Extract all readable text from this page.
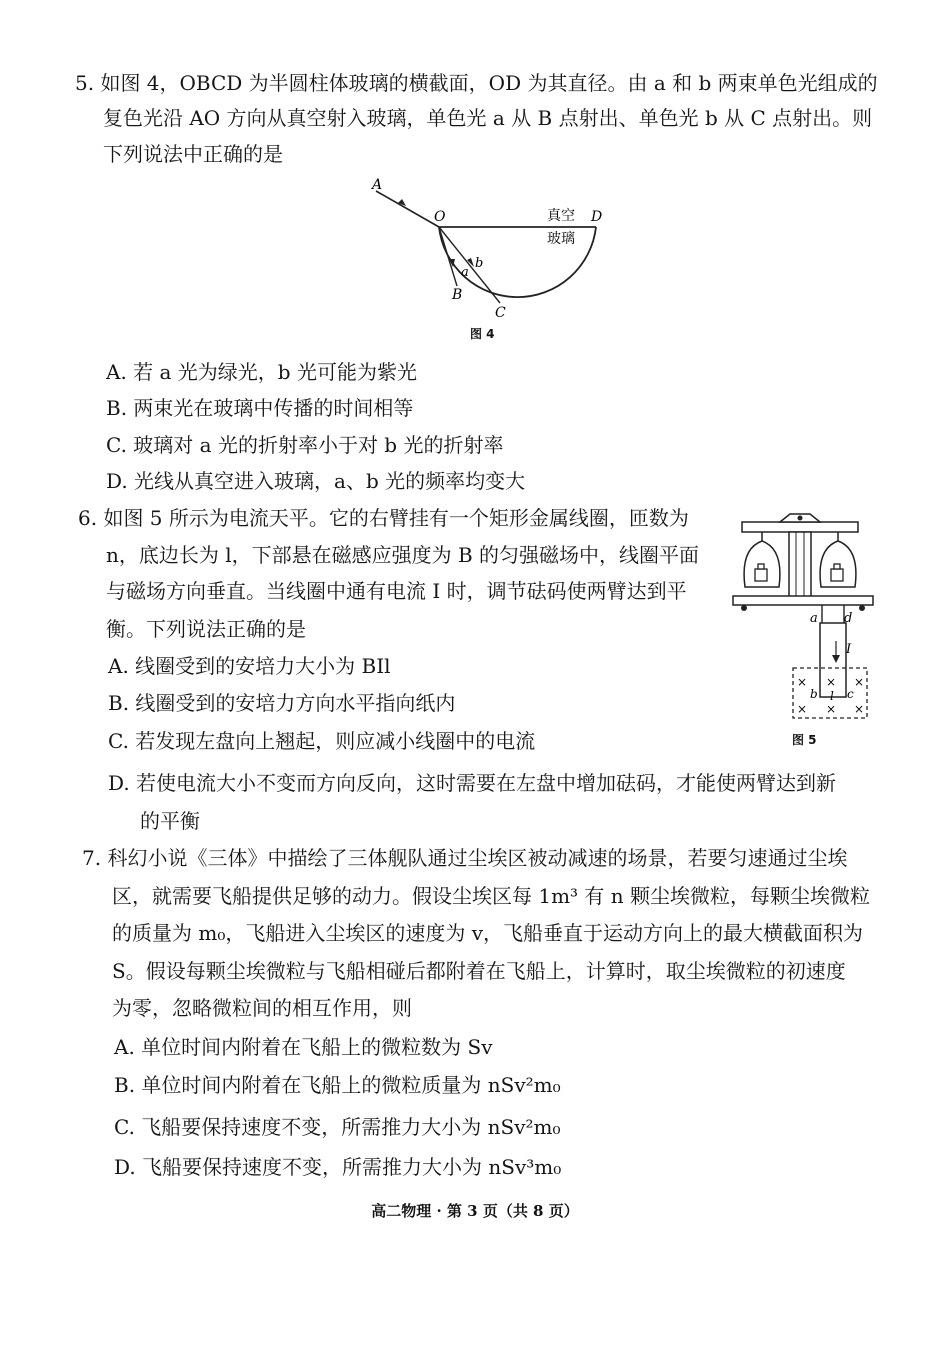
5. 如图 4，OBCD 为半圆柱体玻璃的横截面，OD 为其直径。由 a 和 b 两束单色光组成的
复色光沿 AO 方向从真空射入玻璃，单色光 a 从 B 点射出、单色光 b 从 C 点射出。则
下列说法中正确的是
A
O	真空 D
玻璃
b
a
B
C
图 4
A. 若 a 光为绿光，b 光可能为紫光
B. 两束光在玻璃中传播的时间相等
C. 玻璃对 a 光的折射率小于对 b 光的折射率
D. 光线从真空进入玻璃，a、b 光的频率均变大
6. 如图 5 所示为电流天平。它的右臂挂有一个矩形金属线圈，匝数为
n，底边长为 l，下部悬在磁感应强度为 B 的匀强磁场中，线圈平面
与磁场方向垂直。当线圈中通有电流 I 时，调节砝码使两臂达到平
衡。下列说法正确的是	a d
I
× × ×
b l c
× × ×
图 5
A. 线圈受到的安培力大小为 BIl
B. 线圈受到的安培力方向水平指向纸内
C. 若发现左盘向上翘起，则应减小线圈中的电流
D. 若使电流大小不变而方向反向，这时需要在左盘中增加砝码，才能使两臂达到新
的平衡
7. 科幻小说《三体》中描绘了三体舰队通过尘埃区被动减速的场景，若要匀速通过尘埃
区，就需要飞船提供足够的动力。假设尘埃区每 1m³ 有 n 颗尘埃微粒，每颗尘埃微粒
的质量为 m₀，飞船进入尘埃区的速度为 v，飞船垂直于运动方向上的最大横截面积为
S。假设每颗尘埃微粒与飞船相碰后都附着在飞船上，计算时，取尘埃微粒的初速度
为零，忽略微粒间的相互作用，则
A. 单位时间内附着在飞船上的微粒数为 Sv
B. 单位时间内附着在飞船上的微粒质量为 nSv²m₀
C. 飞船要保持速度不变，所需推力大小为 nSv²m₀
D. 飞船要保持速度不变，所需推力大小为 nSv³m₀
高二物理 · 第 3 页（共 8 页）
